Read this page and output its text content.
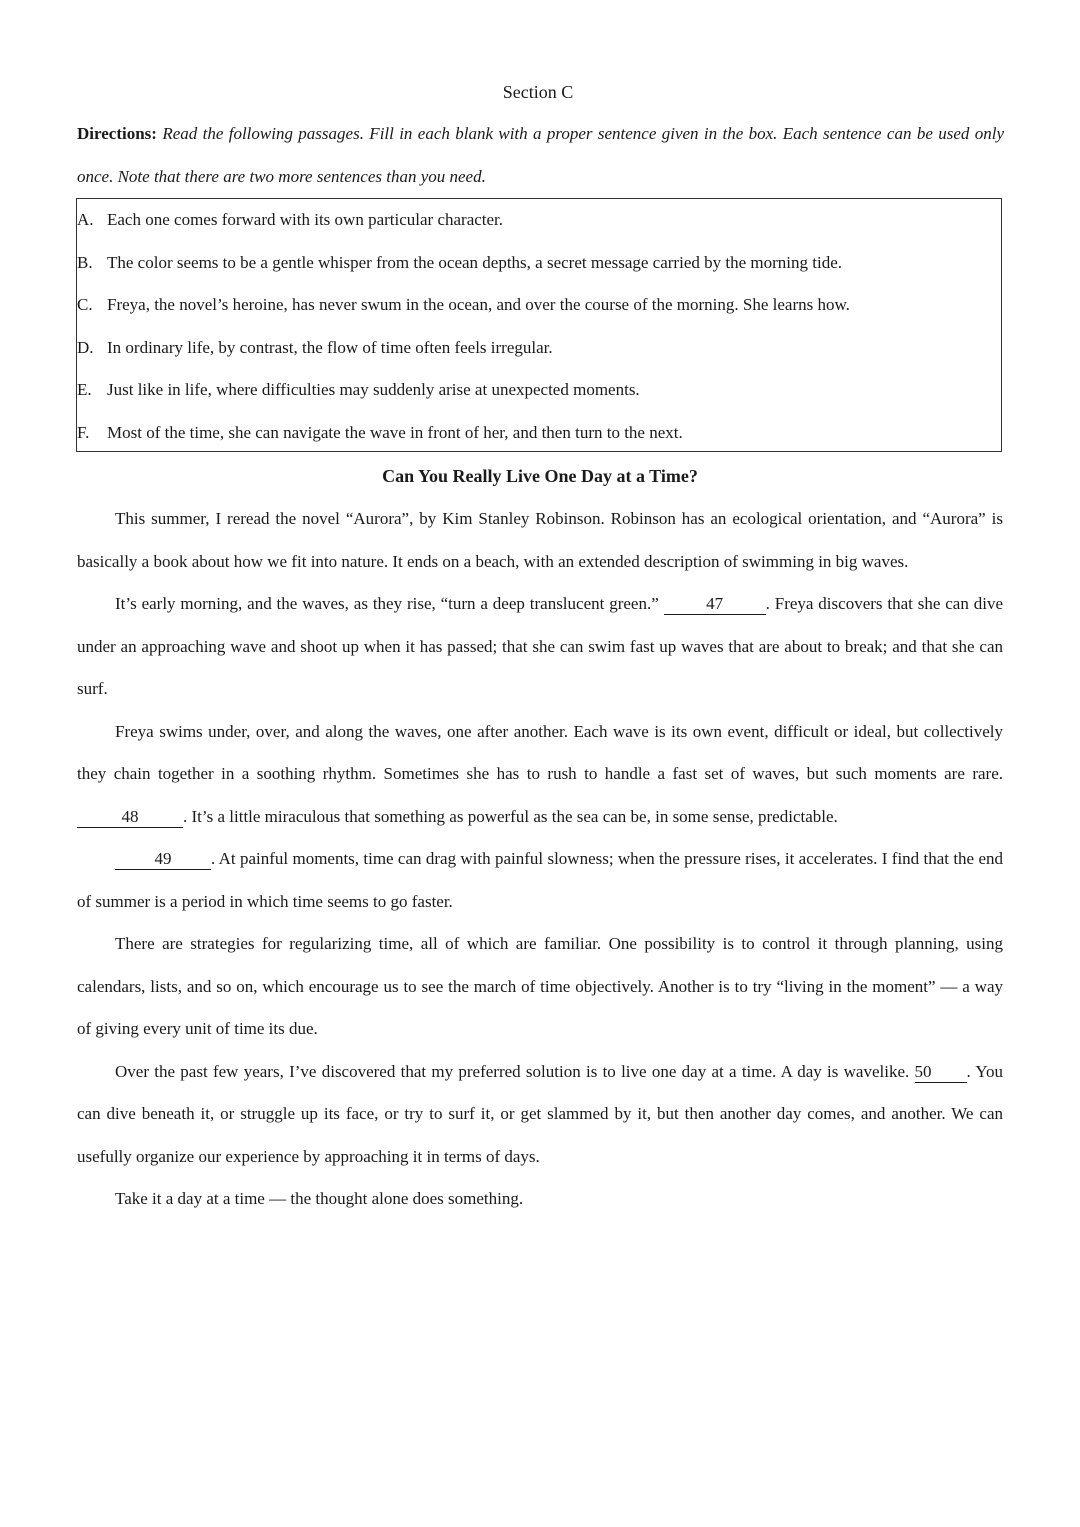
Section C
Directions: Read the following passages. Fill in each blank with a proper sentence given in the box. Each sentence can be used only once. Note that there are two more sentences than you need.
A. Each one comes forward with its own particular character.
B. The color seems to be a gentle whisper from the ocean depths, a secret message carried by the morning tide.
C. Freya, the novel’s heroine, has never swum in the ocean, and over the course of the morning. She learns how.
D. In ordinary life, by contrast, the flow of time often feels irregular.
E. Just like in life, where difficulties may suddenly arise at unexpected moments.
F. Most of the time, she can navigate the wave in front of her, and then turn to the next.
Can You Really Live One Day at a Time?

This summer, I reread the novel “Aurora”, by Kim Stanley Robinson. Robinson has an ecological orientation, and “Aurora” is basically a book about how we fit into nature. It ends on a beach, with an extended description of swimming in big waves.

It’s early morning, and the waves, as they rise, “turn a deep translucent green.”	47	. Freya discovers that she can dive under an approaching wave and shoot up when it has passed; that she can swim fast up waves that are about to break; and that she can surf.

Freya swims under, over, and along the waves, one after another. Each wave is its own event, difficult or ideal, but collectively they chain together in a soothing rhythm. Sometimes she has to rush to handle a fast set of waves, but such moments are rare. 48	. It’s a little miraculous that something as powerful as the sea can be, in some sense, predictable.

49 . At painful moments, time can drag with painful slowness; when the pressure rises, it accelerates. I find that the end of summer is a period in which time seems to go faster.

There are strategies for regularizing time, all of which are familiar. One possibility is to control it through planning, using calendars, lists, and so on, which encourage us to see the march of time objectively. Another is to try “living in the moment” — a way of giving every unit of time its due.

Over the past few years, I’ve discovered that my preferred solution is to live one day at a time. A day is wavelike. 50 . You can dive beneath it, or struggle up its face, or try to surf it, or get slammed by it, but then another day comes, and another. We can usefully organize our experience by approaching it in terms of days.

Take it a day at a time — the thought alone does something.
